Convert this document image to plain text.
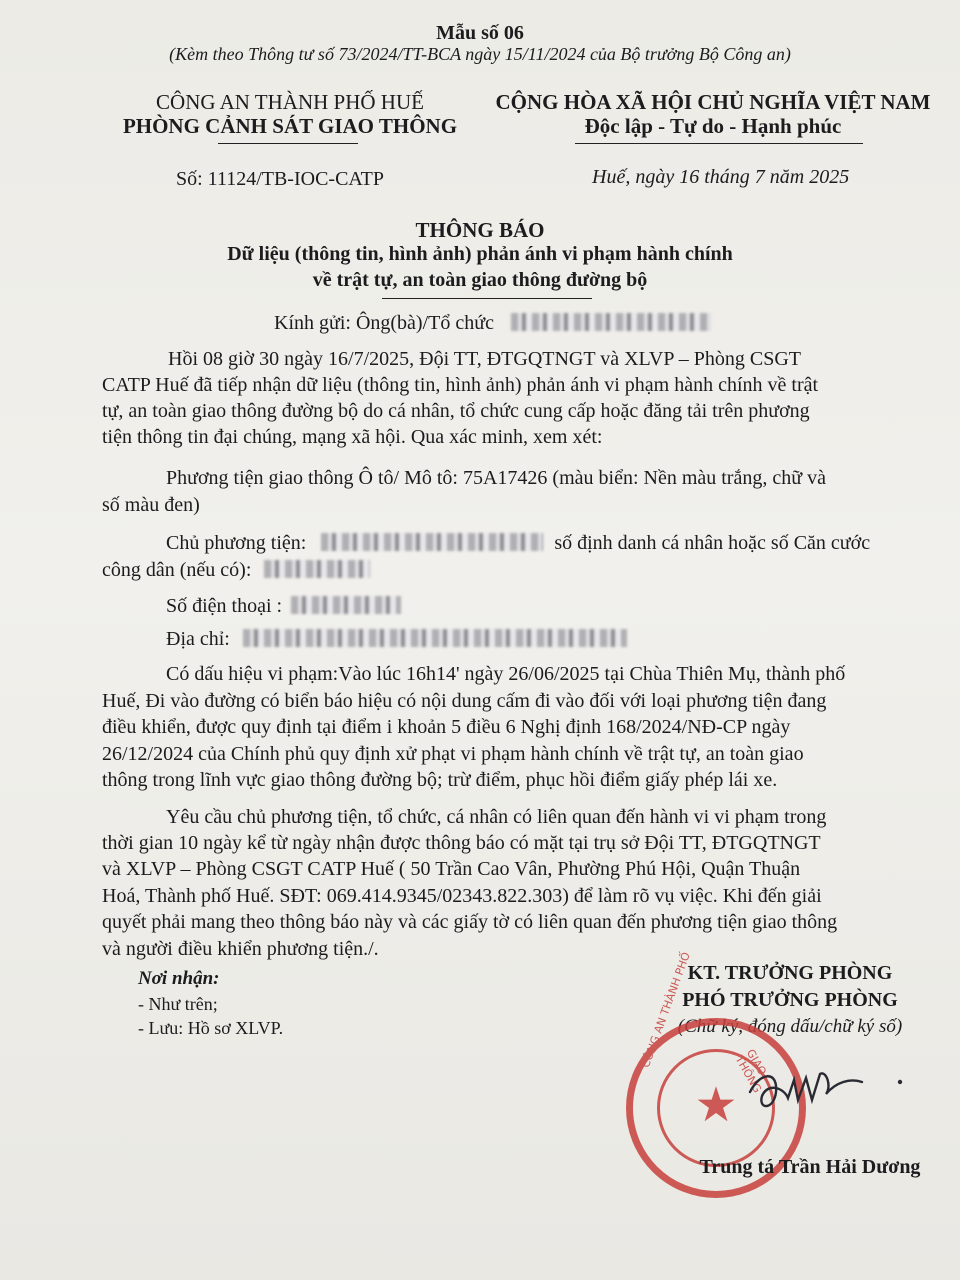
Mẫu số 06
(Kèm theo Thông tư số 73/2024/TT-BCA ngày 15/11/2024 của Bộ trưởng Bộ Công an)
CÔNG AN THÀNH PHỐ HUẾ
PHÒNG CẢNH SÁT GIAO THÔNG
CỘNG HÒA XÃ HỘI CHỦ NGHĨA VIỆT NAM
Độc lập - Tự do - Hạnh phúc
Số: 11124/TB-IOC-CATP	Huế, ngày 16 tháng 7 năm 2025
THÔNG BÁO
Dữ liệu (thông tin, hình ảnh) phản ánh vi phạm hành chính
về trật tự, an toàn giao thông đường bộ
Kính gửi: Ông(bà)/Tổ chức
Hồi 08 giờ 30 ngày 16/7/2025, Đội TT, ĐTGQTNGT và XLVP – Phòng CSGT
CATP Huế đã tiếp nhận dữ liệu (thông tin, hình ảnh) phản ánh vi phạm hành chính về trật
tự, an toàn giao thông đường bộ do cá nhân, tổ chức cung cấp hoặc đăng tải trên phương
tiện thông tin đại chúng, mạng xã hội. Qua xác minh, xem xét:
Phương tiện giao thông Ô tô/ Mô tô: 75A17426 (màu biển: Nền màu trắng, chữ và
số màu đen)
Chủ phương tiện:	số định danh cá nhân hoặc số Căn cước
công dân (nếu có):
Số điện thoại :
Địa chỉ:
Có dấu hiệu vi phạm:Vào lúc 16h14' ngày 26/06/2025 tại Chùa Thiên Mụ, thành phố
Huế, Đi vào đường có biển báo hiệu có nội dung cấm đi vào đối với loại phương tiện đang
điều khiển, được quy định tại điểm i khoản 5 điều 6 Nghị định 168/2024/NĐ-CP ngày
26/12/2024 của Chính phủ quy định xử phạt vi phạm hành chính về trật tự, an toàn giao
thông trong lĩnh vực giao thông đường bộ; trừ điểm, phục hồi điểm giấy phép lái xe.
Yêu cầu chủ phương tiện, tổ chức, cá nhân có liên quan đến hành vi vi phạm trong
thời gian 10 ngày kể từ ngày nhận được thông báo có mặt tại trụ sở Đội TT, ĐTGQTNGT
và XLVP – Phòng CSGT CATP Huế ( 50 Trần Cao Vân, Phường Phú Hội, Quận Thuận
Hoá, Thành phố Huế. SĐT: 069.414.9345/02343.822.303) để làm rõ vụ việc. Khi đến giải
quyết phải mang theo thông báo này và các giấy tờ có liên quan đến phương tiện giao thông
và người điều khiển phương tiện./.
Nơi nhận:
- Như trên;
- Lưu: Hồ sơ XLVP.
KT. TRƯỞNG PHÒNG
PHÓ TRƯỞNG PHÒNG
(Chữ ký, đóng dấu/chữ ký số)
★
CÔNG AN THÀNH PHỐ	GIAO THÔNG
Trung tá Trần Hải Dương
